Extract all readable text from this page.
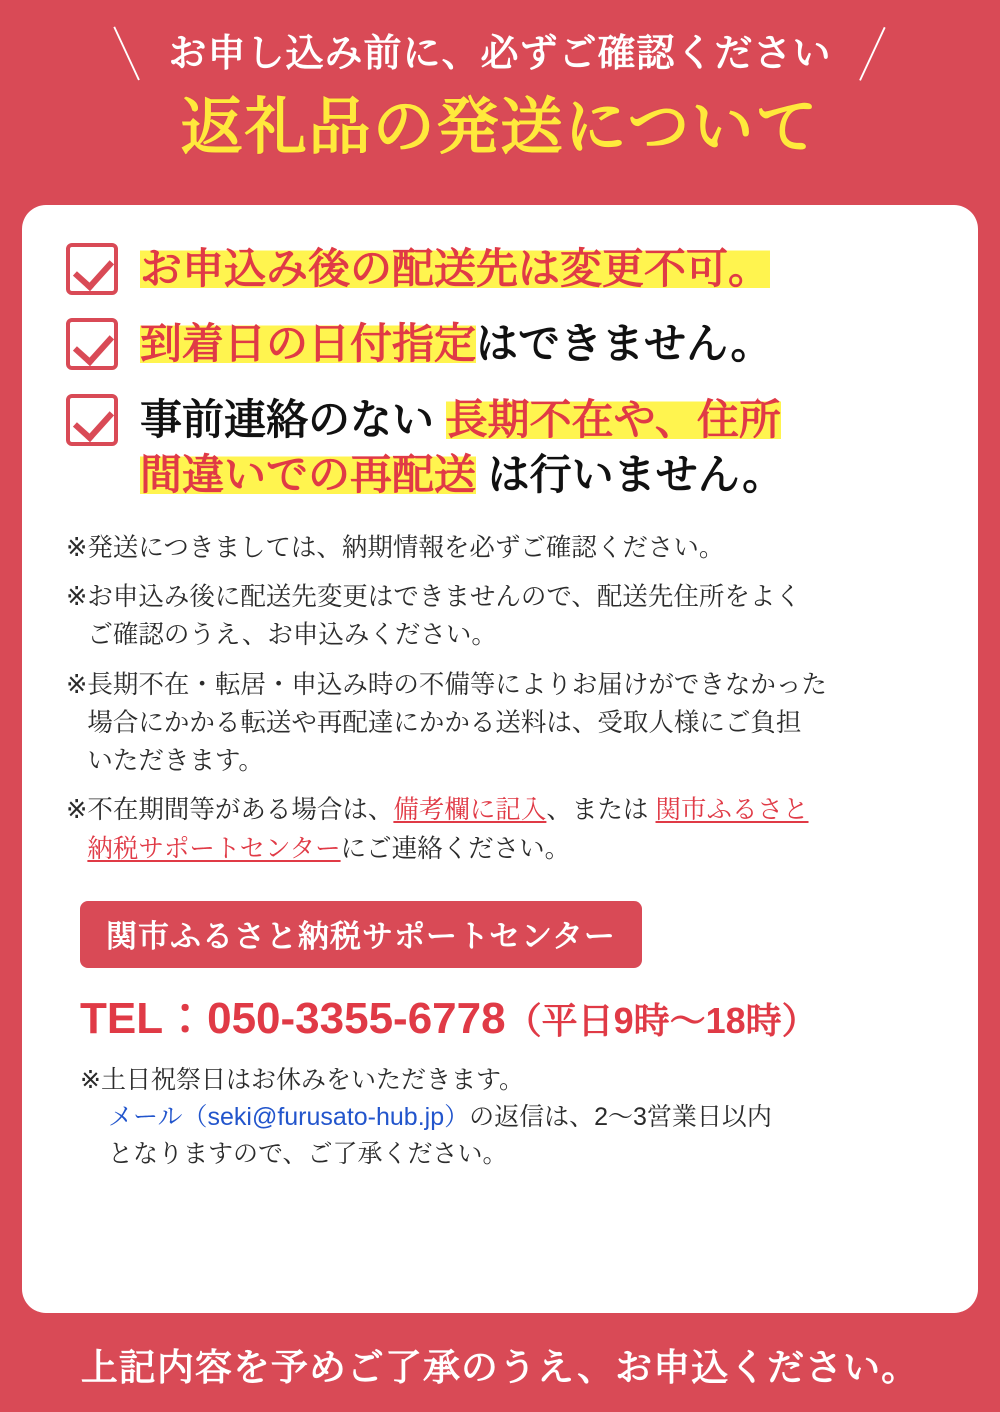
＼ お申し込み前に、必ずご確認ください ／
返礼品の発送について
お申込み後の配送先は変更不可。
到着日の日付指定はできません。
事前連絡のない 長期不在や、住所
間違いでの再配送 は行いません。
※ 発送につきましては、納期情報を必ずご確認ください。
※ お申込み後に配送先変更はできませんので、配送先住所をよく
ご確認のうえ、お申込みください。
※ 長期不在・転居・申込み時の不備等によりお届けができなかった
場合にかかる転送や再配達にかかる送料は、受取人様にご負担
いただきます。
※ 不在期間等がある場合は、備考欄に記入、または 関市ふるさと
納税サポートセンターにご連絡ください。
関市ふるさと納税サポートセンター
TEL：050-3355-6778（平日9時〜18時）
※ 土日祝祭日はお休みをいただきます。
メール（seki@furusato-hub.jp）の返信は、2〜3営業日以内
となりますので、ご了承ください。
上記内容を予めご了承のうえ、お申込ください。
